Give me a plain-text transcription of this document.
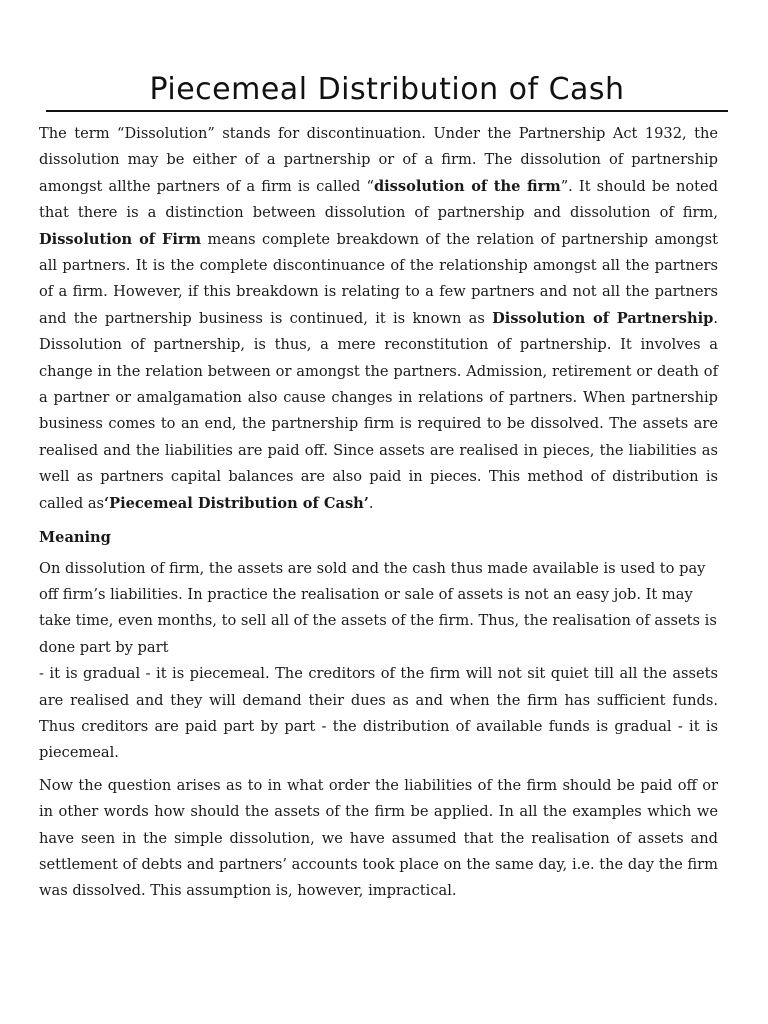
Piecemeal Distribution of Cash

The term “Dissolution” stands for discontinuation. Under the Partnership Act 1932, the dissolution may be either of a partnership or of a firm. The dissolution of partnership amongst allthe partners of a firm is called “dissolution of the firm”. It should be noted that there is a distinction between dissolution of partnership and dissolution of firm, Dissolution of Firm means complete breakdown of the relation of partnership amongst all partners. It is the complete discontinuance of the relationship amongst all the partners of a firm. However, if this breakdown is relating to a few partners and not all the partners and the partnership business is continued, it is known as Dissolution of Partnership. Dissolution of partnership, is thus, a mere reconstitution of partnership. It involves a change in the relation between or amongst the partners. Admission, retirement or death of a partner or amalgamation also cause changes in relations of partners. When partnership business comes to an end, the partnership firm is required to be dissolved. The assets are realised and the liabilities are paid off. Since assets are realised in pieces, the liabilities as well as partners capital balances are also paid in pieces. This method of distribution is called as‘Piecemeal Distribution of Cash’.

Meaning

On dissolution of firm, the assets are sold and the cash thus made available is used to pay off firm’s liabilities. In practice the realisation or sale of assets is not an easy job. It may take time, even months, to sell all of the assets of the firm. Thus, the realisation of assets is done part by part

- it is gradual - it is piecemeal. The creditors of the firm will not sit quiet till all the assets are realised and they will demand their dues as and when the firm has sufficient funds. Thus creditors are paid part by part - the distribution of available funds is gradual - it is piecemeal.

Now the question arises as to in what order the liabilities of the firm should be paid off or in other words how should the assets of the firm be applied. In all the examples which we have seen in the simple dissolution, we have assumed that the realisation of assets and settlement of debts and partners’ accounts took place on the same day, i.e. the day the firm was dissolved. This assumption is, however, impractical.
